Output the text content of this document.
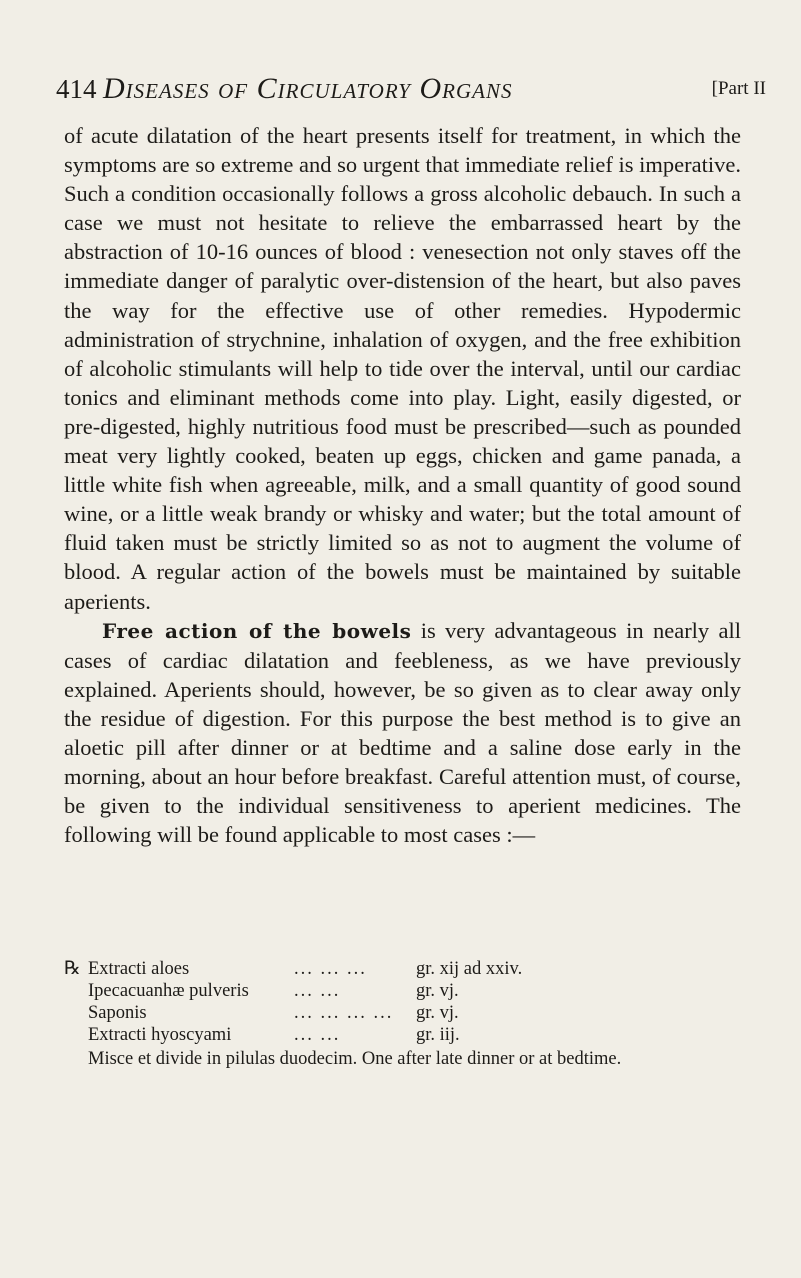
414 Diseases of Circulatory Organs	[Part II

of acute dilatation of the heart presents itself for treatment, in which the symptoms are so extreme and so urgent that immediate relief is imperative. Such a condition occasionally follows a gross alcoholic debauch. In such a case we must not hesitate to relieve the embarrassed heart by the abstraction of 10-16 ounces of blood : venesection not only staves off the immediate danger of paralytic over-distension of the heart, but also paves the way for the effective use of other remedies. Hypodermic administration of strychnine, inhalation of oxygen, and the free exhibition of alcoholic stimulants will help to tide over the interval, until our cardiac tonics and eliminant methods come into play. Light, easily digested, or pre-digested, highly nutritious food must be prescribed—such as pounded meat very lightly cooked, beaten up eggs, chicken and game panada, a little white fish when agreeable, milk, and a small quantity of good sound wine, or a little weak brandy or whisky and water; but the total amount of fluid taken must be strictly limited so as not to augment the volume of blood. A regular action of the bowels must be maintained by suitable aperients.

Free action of the bowels is very advantageous in nearly all cases of cardiac dilatation and feebleness, as we have previously explained. Aperients should, however, be so given as to clear away only the residue of digestion. For this purpose the best method is to give an aloetic pill after dinner or at bedtime and a saline dose early in the morning, about an hour before breakfast. Careful attention must, of course, be given to the individual sensitiveness to aperient medicines. The following will be found applicable to most cases :—

℞ Extracti aloes	... ... ...	gr. xij ad xxiv.
Ipecacuanhæ pulveris ... ...	gr. vj.
Saponis	... ... ... ... gr. vj.
Extracti hyoscyami	... ...	gr. iij.
Misce et divide in pilulas duodecim. One after late dinner or at bedtime.
